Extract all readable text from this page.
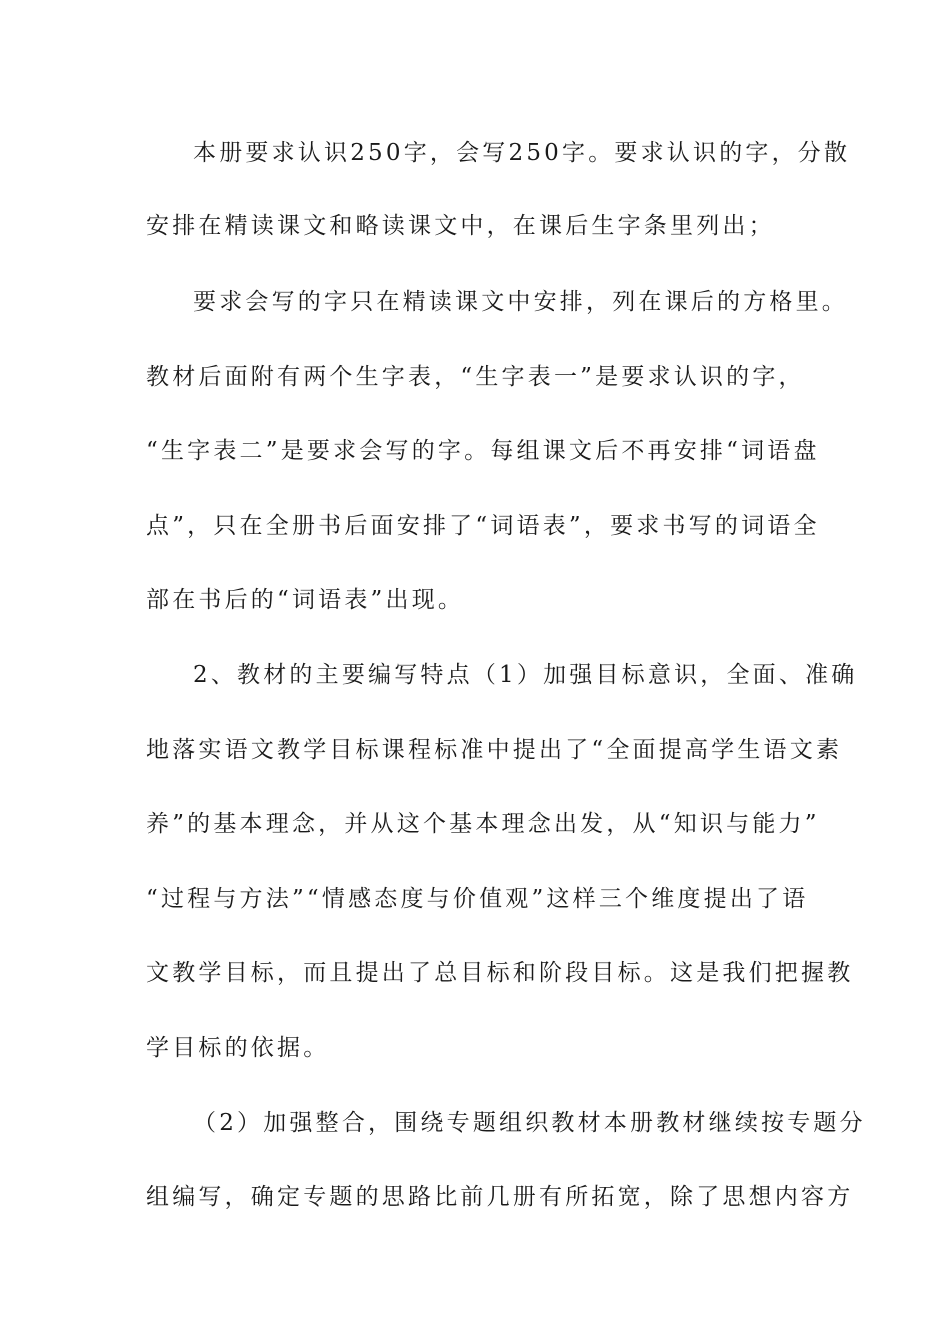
本册要求认识250字，会写250字。要求认识的字，分散
安排在精读课文和略读课文中，在课后生字条里列出；
要求会写的字只在精读课文中安排，列在课后的方格里。
教材后面附有两个生字表，“生字表一”是要求认识的字，
“生字表二”是要求会写的字。每组课文后不再安排“词语盘
点”，只在全册书后面安排了“词语表”，要求书写的词语全
部在书后的“词语表”出现。
2、教材的主要编写特点（1）加强目标意识，全面、准确
地落实语文教学目标课程标准中提出了“全面提高学生语文素
养”的基本理念，并从这个基本理念出发，从“知识与能力”
“过程与方法”“情感态度与价值观”这样三个维度提出了语
文教学目标，而且提出了总目标和阶段目标。这是我们把握教
学目标的依据。
（2）加强整合，围绕专题组织教材本册教材继续按专题分
组编写，确定专题的思路比前几册有所拓宽，除了思想内容方
